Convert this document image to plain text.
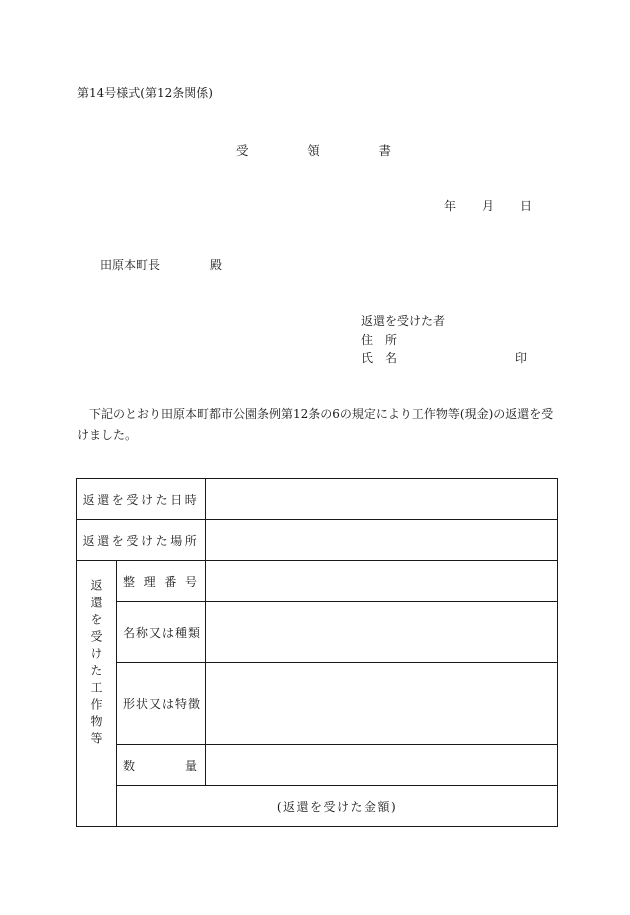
第14号様式(第12条関係)
受	領	書
年	月	日
田原本町長	殿
返還を受けた者
住　 所
氏　 名	印
下記のとおり田原本町都市公園条例第12条の6の規定により工作物等(現金)の返還を受けました。
返還を受けた日時			
返還を受けた場所			
返還を受けた工作物等	整 理 番 号		

	名称又は種類		
	形状又は特徴		

	数 量		

	(返還を受けた金額)		
